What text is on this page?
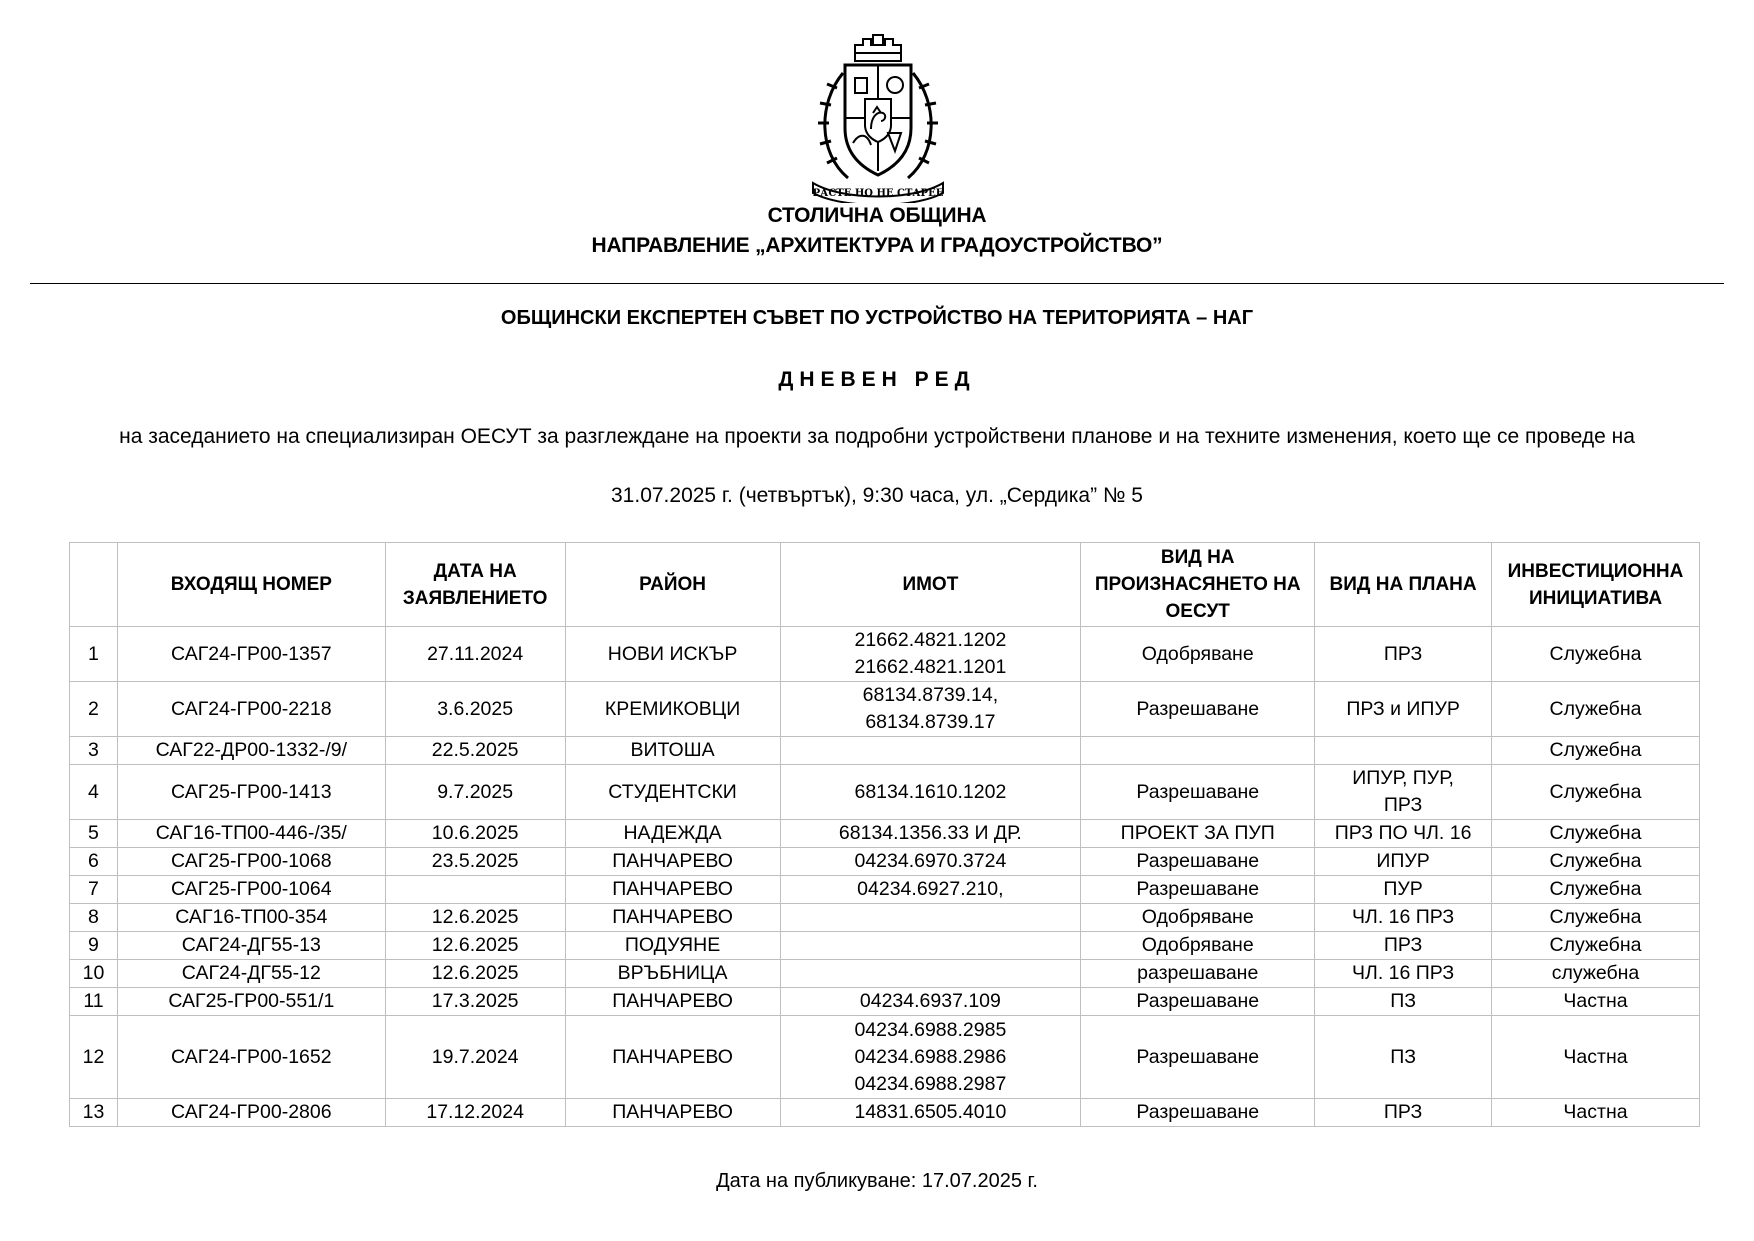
РАСТЕ НО НЕ СТАРЕЕ
СТОЛИЧНА ОБЩИНА
НАПРАВЛЕНИЕ „АРХИТЕКТУРА И ГРАДОУСТРОЙСТВО”
ОБЩИНСКИ ЕКСПЕРТЕН СЪВЕТ ПО УСТРОЙСТВО НА ТЕРИТОРИЯТА – НАГ
ДНЕВЕН РЕД
на заседанието на специализиран ОЕСУТ за разглеждане на проекти за подробни устройствени планове и на техните изменения, което ще се проведе на
31.07.2025 г. (четвъртък), 9:30 часа, ул. „Сердика” № 5
	ВХОДЯЩ НОМЕР	ДАТА НА ЗАЯВЛЕНИЕТО	РАЙОН	ИМОТ	ВИД НА ПРОИЗНАСЯНЕТО НА ОЕСУТ	ВИД НА ПЛАНА	ИНВЕСТИЦИОННА ИНИЦИАТИВА
1	САГ24-ГР00-1357	27.11.2024	НОВИ ИСКЪР	21662.4821.1202
21662.4821.1201	Одобряване	ПРЗ	Служебна
2	САГ24-ГР00-2218	3.6.2025	КРЕМИКОВЦИ	68134.8739.14,
68134.8739.17	Разрешаване	ПРЗ и ИПУР	Служебна
3	САГ22-ДР00-1332-/9/	22.5.2025	ВИТОША				Служебна
4	САГ25-ГР00-1413	9.7.2025	СТУДЕНТСКИ	68134.1610.1202	Разрешаване	ИПУР, ПУР,
ПРЗ	Служебна
5	САГ16-ТП00-446-/35/	10.6.2025	НАДЕЖДА	68134.1356.33 И ДР.	ПРОЕКТ ЗА ПУП	ПРЗ ПО ЧЛ. 16	Служебна
6	САГ25-ГР00-1068	23.5.2025	ПАНЧАРЕВО	04234.6970.3724	Разрешаване	ИПУР	Служебна
7	САГ25-ГР00-1064		ПАНЧАРЕВО	04234.6927.210,	Разрешаване	ПУР	Служебна
8	САГ16-ТП00-354	12.6.2025	ПАНЧАРЕВО		Одобряване	ЧЛ. 16 ПРЗ	Служебна
9	САГ24-ДГ55-13	12.6.2025	ПОДУЯНЕ		Одобряване	ПРЗ	Служебна
10	САГ24-ДГ55-12	12.6.2025	ВРЪБНИЦА		разрешаване	ЧЛ. 16 ПРЗ	служебна
11	САГ25-ГР00-551/1	17.3.2025	ПАНЧАРЕВО	04234.6937.109	Разрешаване	ПЗ	Частна
12	САГ24-ГР00-1652	19.7.2024	ПАНЧАРЕВО	04234.6988.2985
04234.6988.2986
04234.6988.2987	Разрешаване	ПЗ	Частна
13	САГ24-ГР00-2806	17.12.2024	ПАНЧАРЕВО	14831.6505.4010	Разрешаване	ПРЗ	Частна
Дата на публикуване: 17.07.2025 г.
